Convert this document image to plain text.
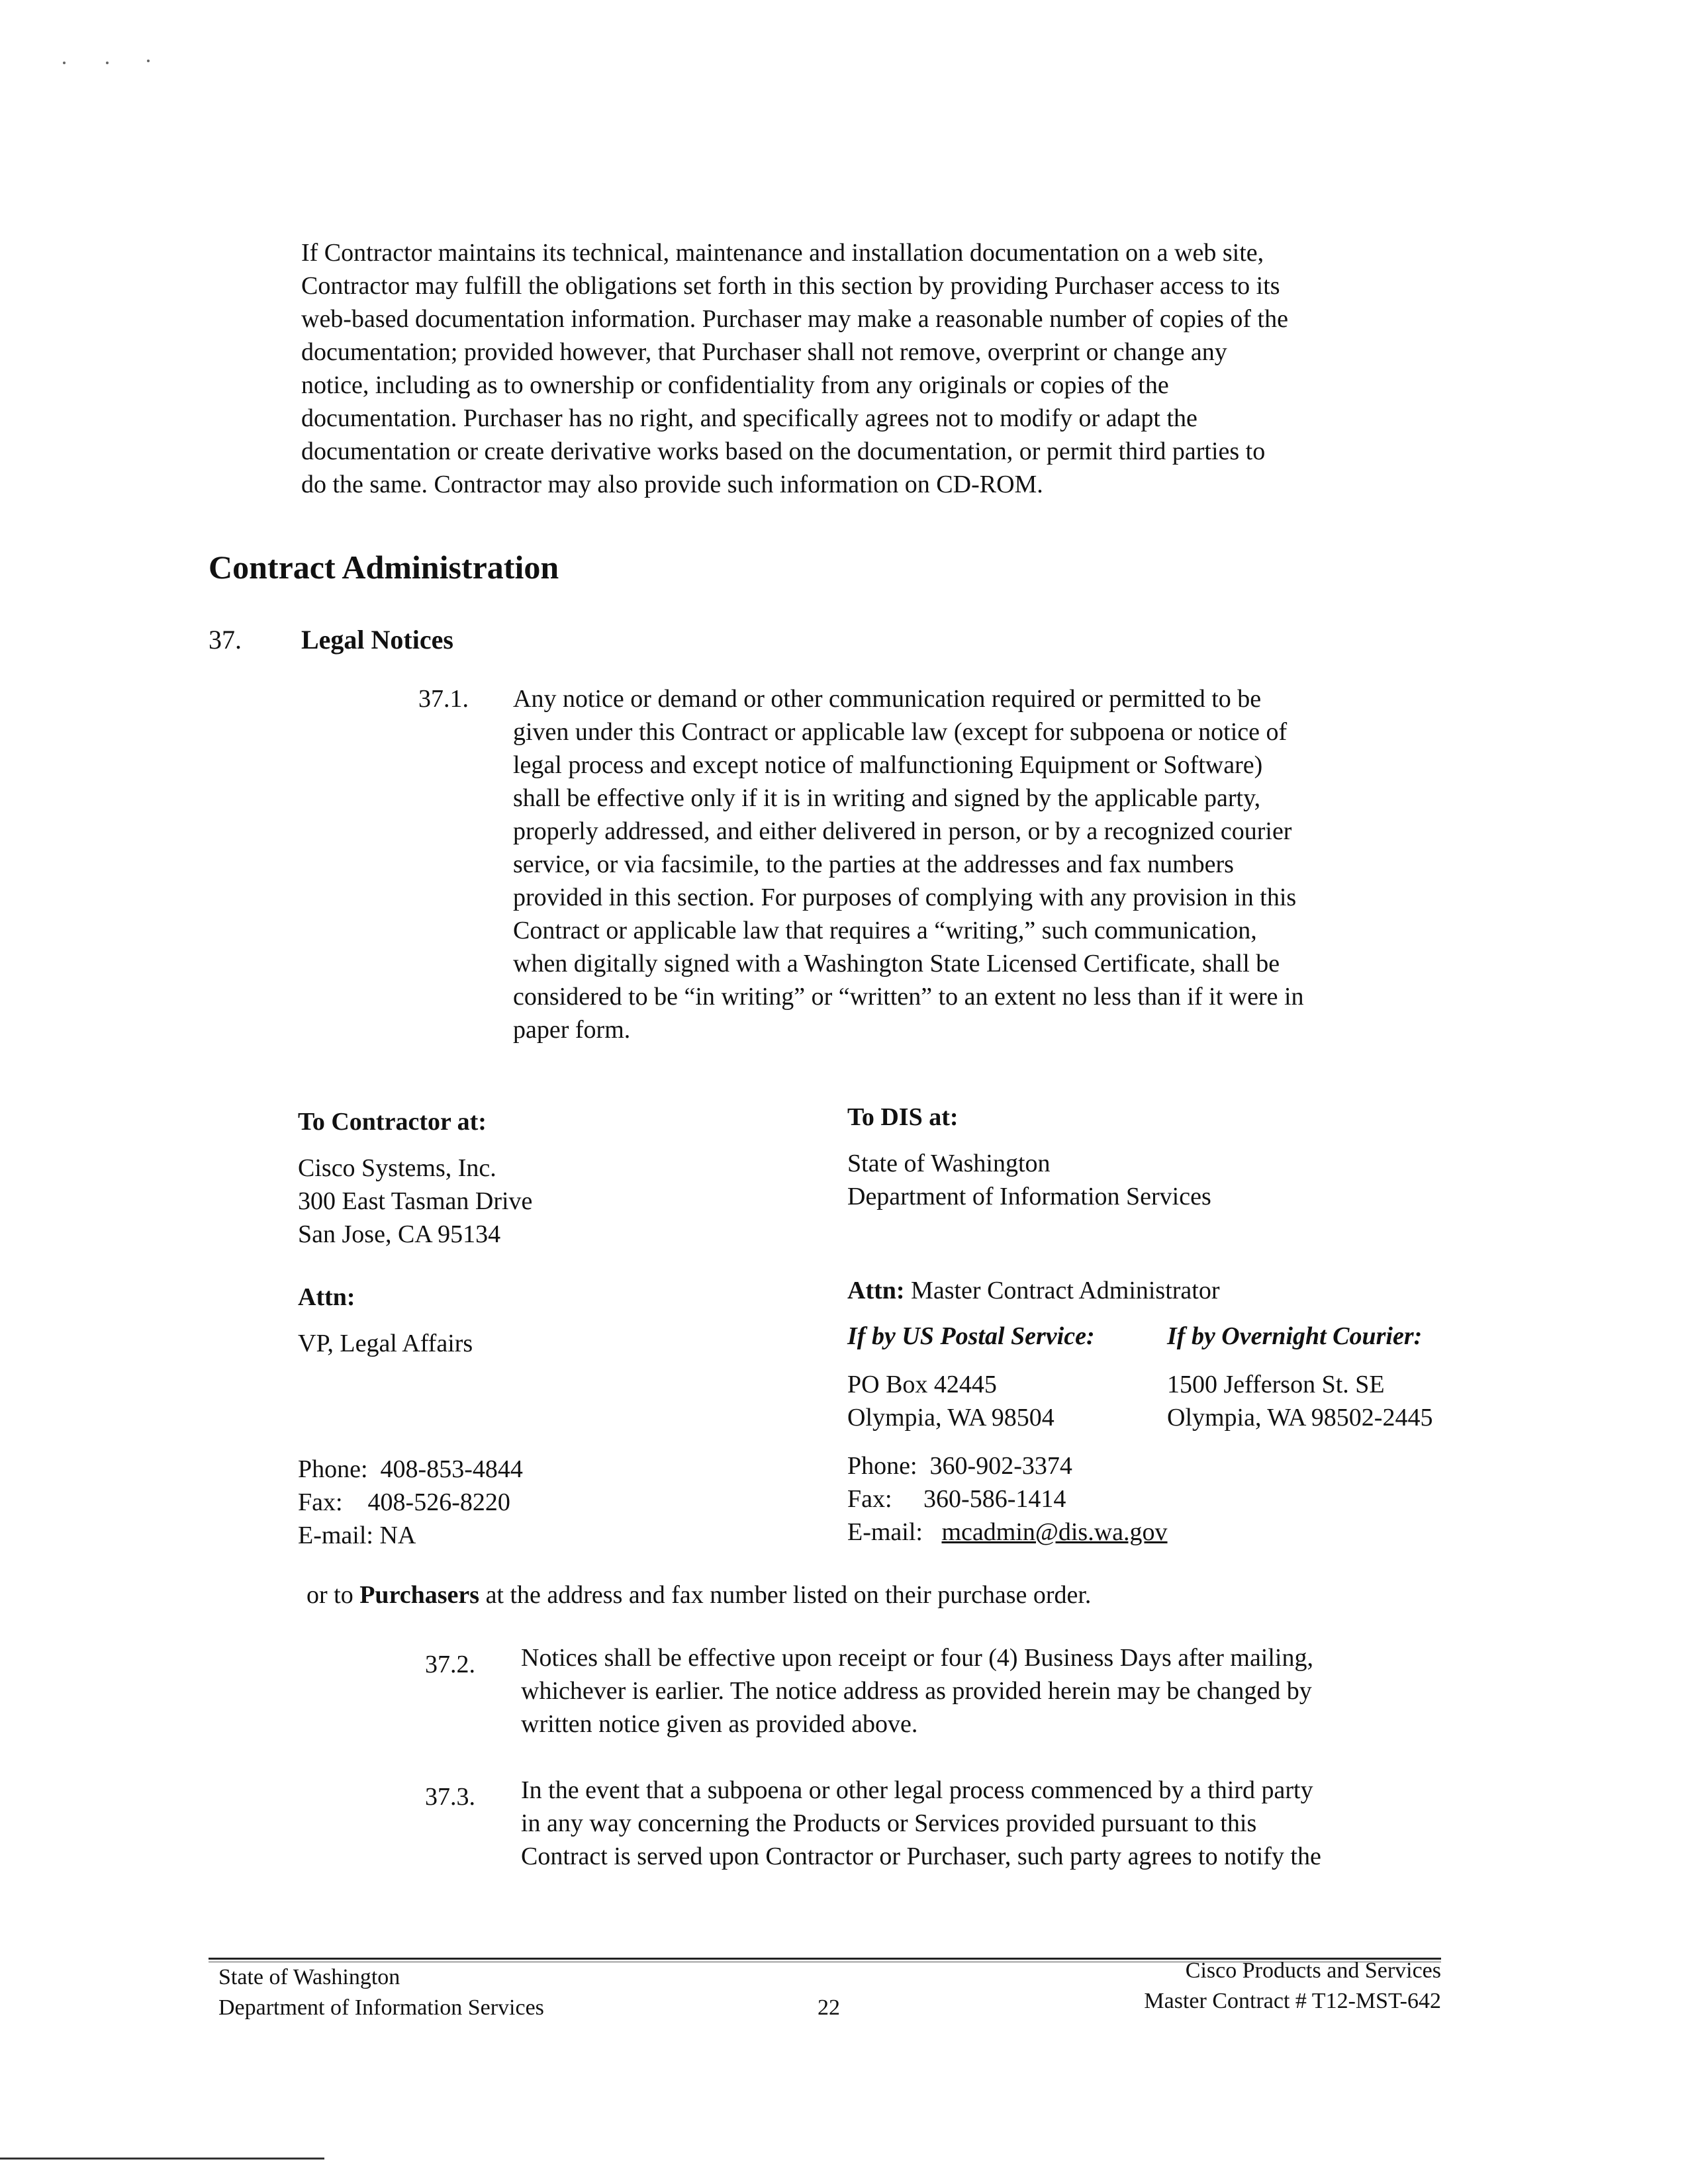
If Contractor maintains its technical, maintenance and installation documentation on a web site,
Contractor may fulfill the obligations set forth in this section by providing Purchaser access to its
web-based documentation information. Purchaser may make a reasonable number of copies of the
documentation; provided however, that Purchaser shall not remove, overprint or change any
notice, including as to ownership or confidentiality from any originals or copies of the
documentation. Purchaser has no right, and specifically agrees not to modify or adapt the
documentation or create derivative works based on the documentation, or permit third parties to
do the same. Contractor may also provide such information on CD-ROM.
Contract Administration
37. Legal Notices
37.1. Any notice or demand or other communication required or permitted to be
given under this Contract or applicable law (except for subpoena or notice of
legal process and except notice of malfunctioning Equipment or Software)
shall be effective only if it is in writing and signed by the applicable party,
properly addressed, and either delivered in person, or by a recognized courier
service, or via facsimile, to the parties at the addresses and fax numbers
provided in this section. For purposes of complying with any provision in this
Contract or applicable law that requires a “writing,” such communication,
when digitally signed with a Washington State Licensed Certificate, shall be
considered to be “in writing” or “written” to an extent no less than if it were in
paper form.
To Contractor at:
Cisco Systems, Inc.
300 East Tasman Drive
San Jose, CA 95134
Attn:
VP, Legal Affairs
Phone:  408-853-4844
Fax:    408-526-8220
E-mail: NA
To DIS at:
State of Washington
Department of Information Services
Attn: Master Contract Administrator
If by US Postal Service:	If by Overnight Courier:
PO Box 42445
Olympia, WA 98504
1500 Jefferson St. SE
Olympia, WA 98502-2445
Phone:  360-902-3374
Fax:     360-586-1414
E-mail: mcadmin@dis.wa.gov
or to Purchasers at the address and fax number listed on their purchase order.
37.2. Notices shall be effective upon receipt or four (4) Business Days after mailing,
whichever is earlier. The notice address as provided herein may be changed by
written notice given as provided above.
37.3. In the event that a subpoena or other legal process commenced by a third party
in any way concerning the Products or Services provided pursuant to this
Contract is served upon Contractor or Purchaser, such party agrees to notify the
State of Washington
Department of Information Services	22
Cisco Products and Services
Master Contract # T12-MST-642
